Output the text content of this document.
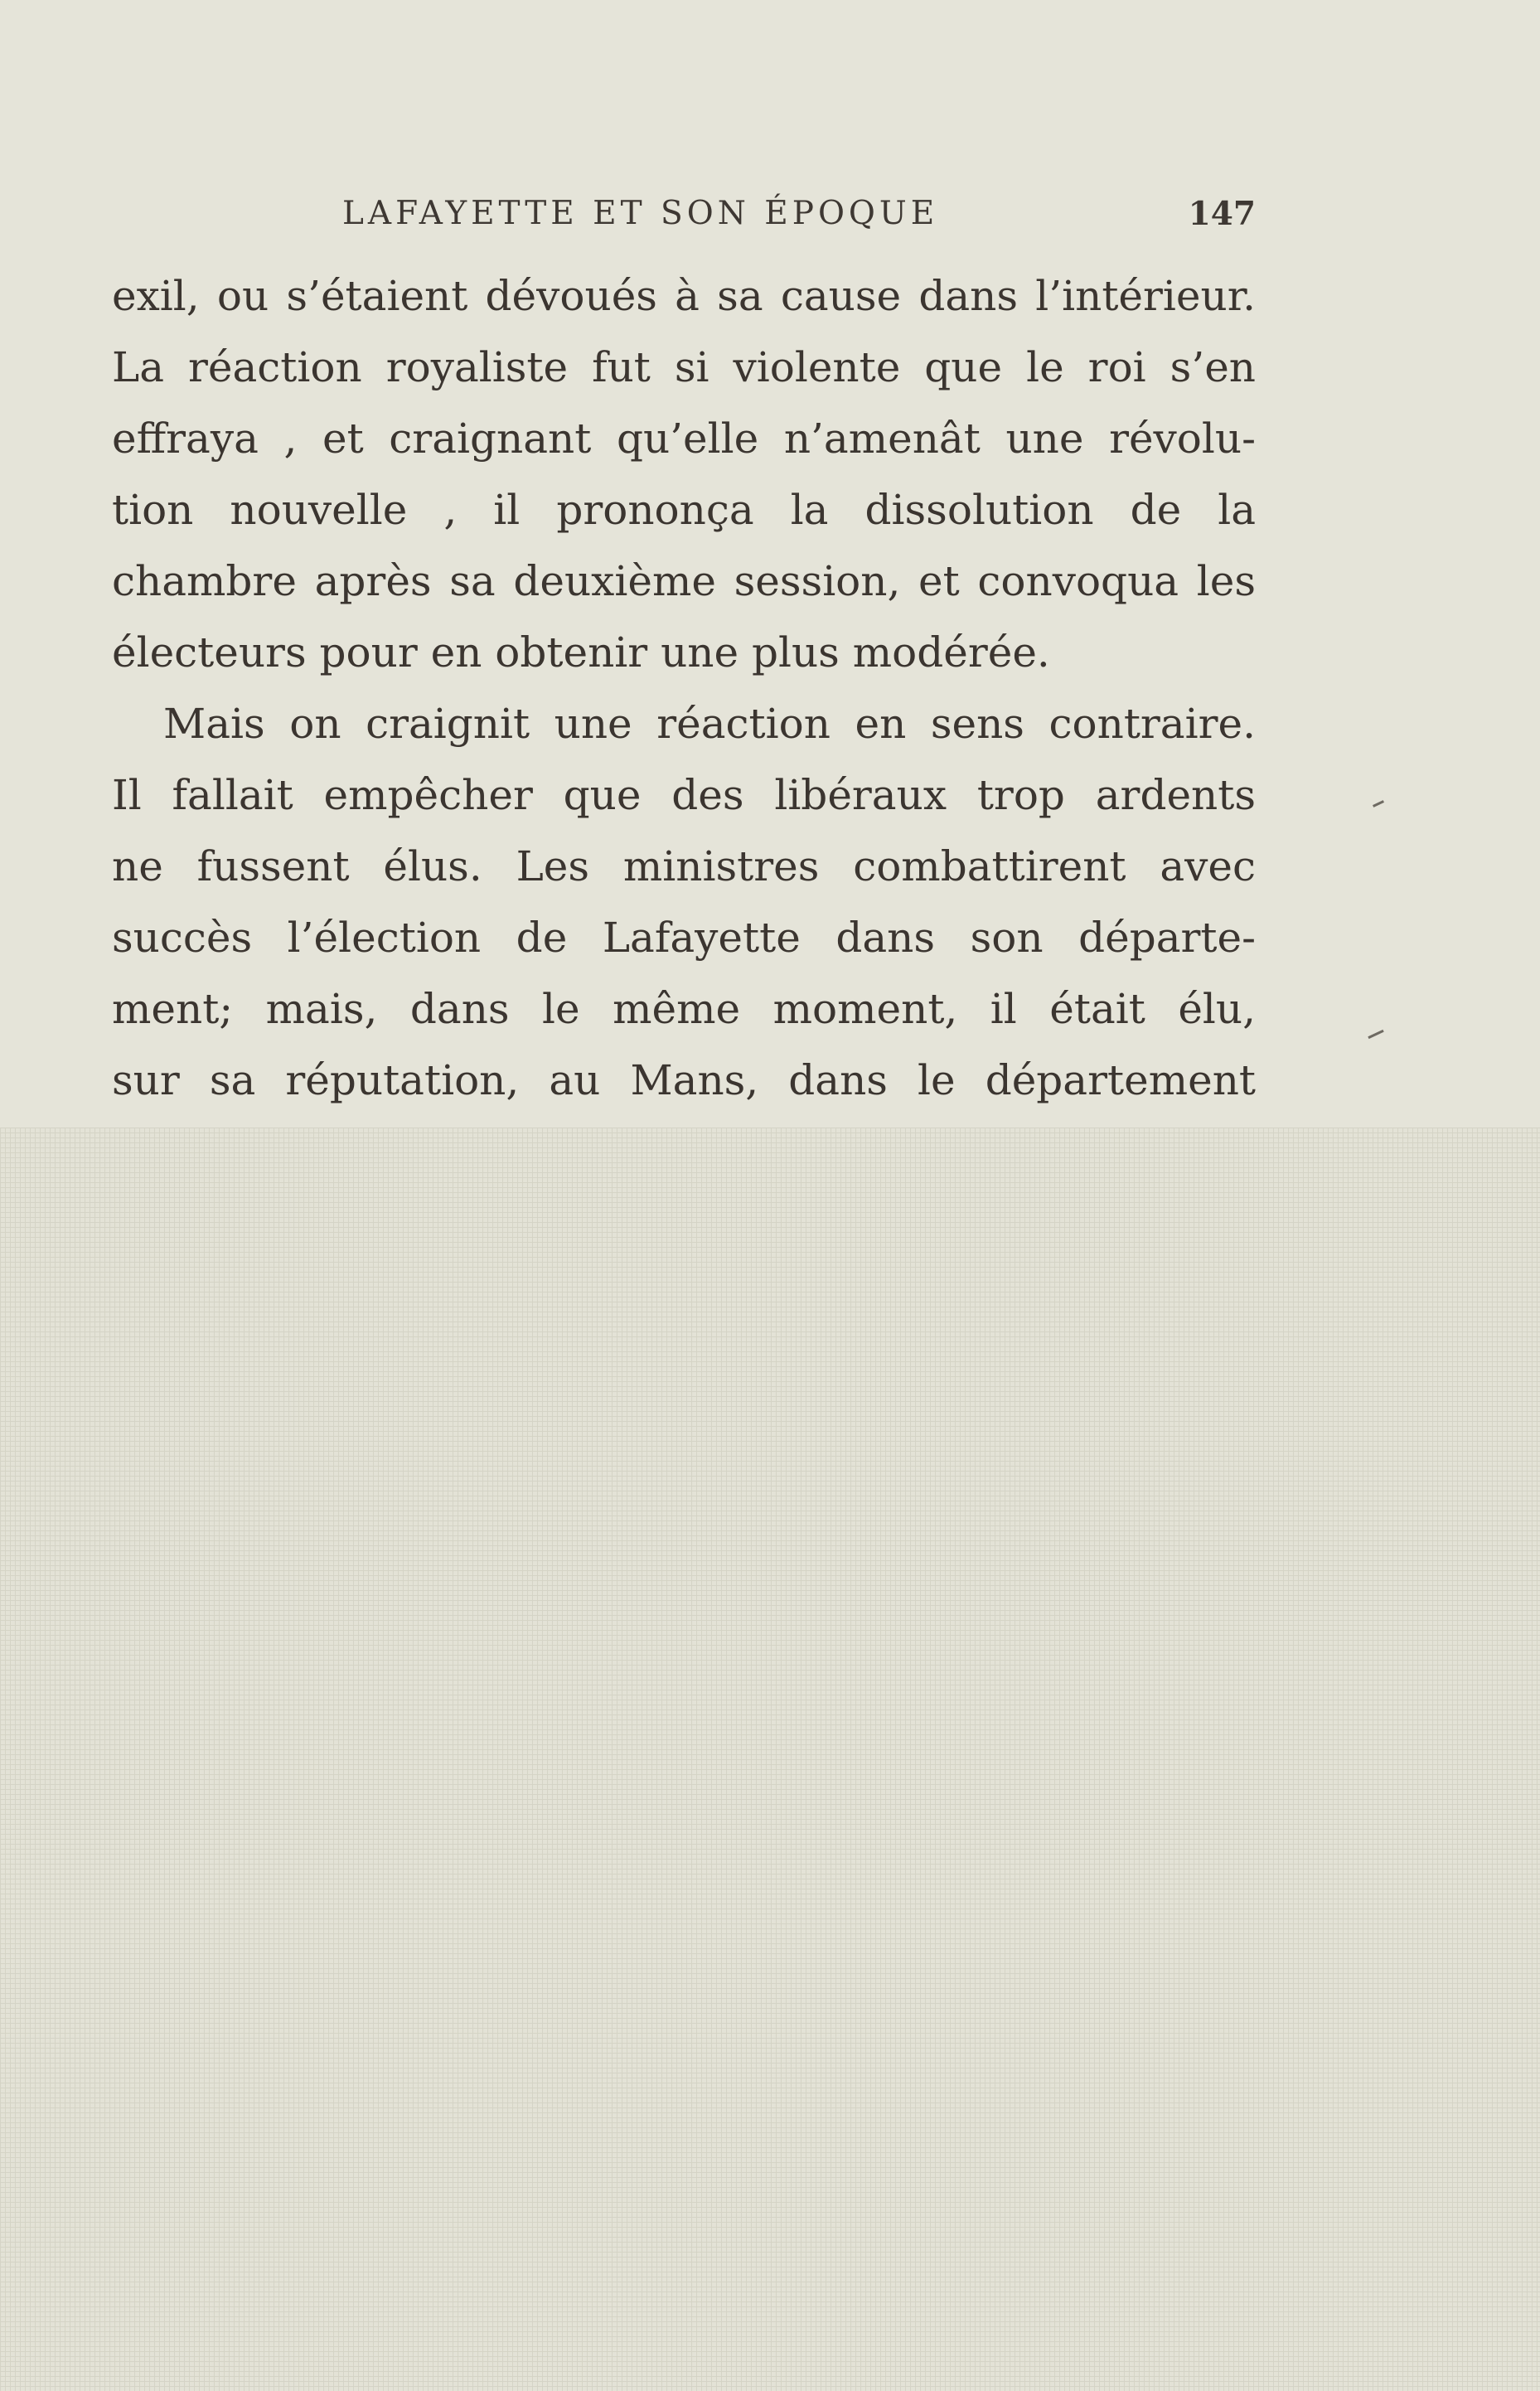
LAFAYETTE ET SON ÉPOQUE	147
exil, ou s’étaient dévoués à sa cause dans l’intérieur.
La réaction royaliste fut si violente que le roi s’en
effraya , et craignant qu’elle n’amenât une révolu-
tion nouvelle , il prononça la dissolution de la
chambre après sa deuxième session, et convoqua les
électeurs pour en obtenir une plus modérée.
Mais on craignit une réaction en sens contraire.
Il fallait empêcher que des libéraux trop ardents
ne fussent élus. Les ministres combattirent avec
succès l’élection de Lafayette dans son départe-
ment; mais, dans le même moment, il était élu,
sur sa réputation, au Mans, dans le département
